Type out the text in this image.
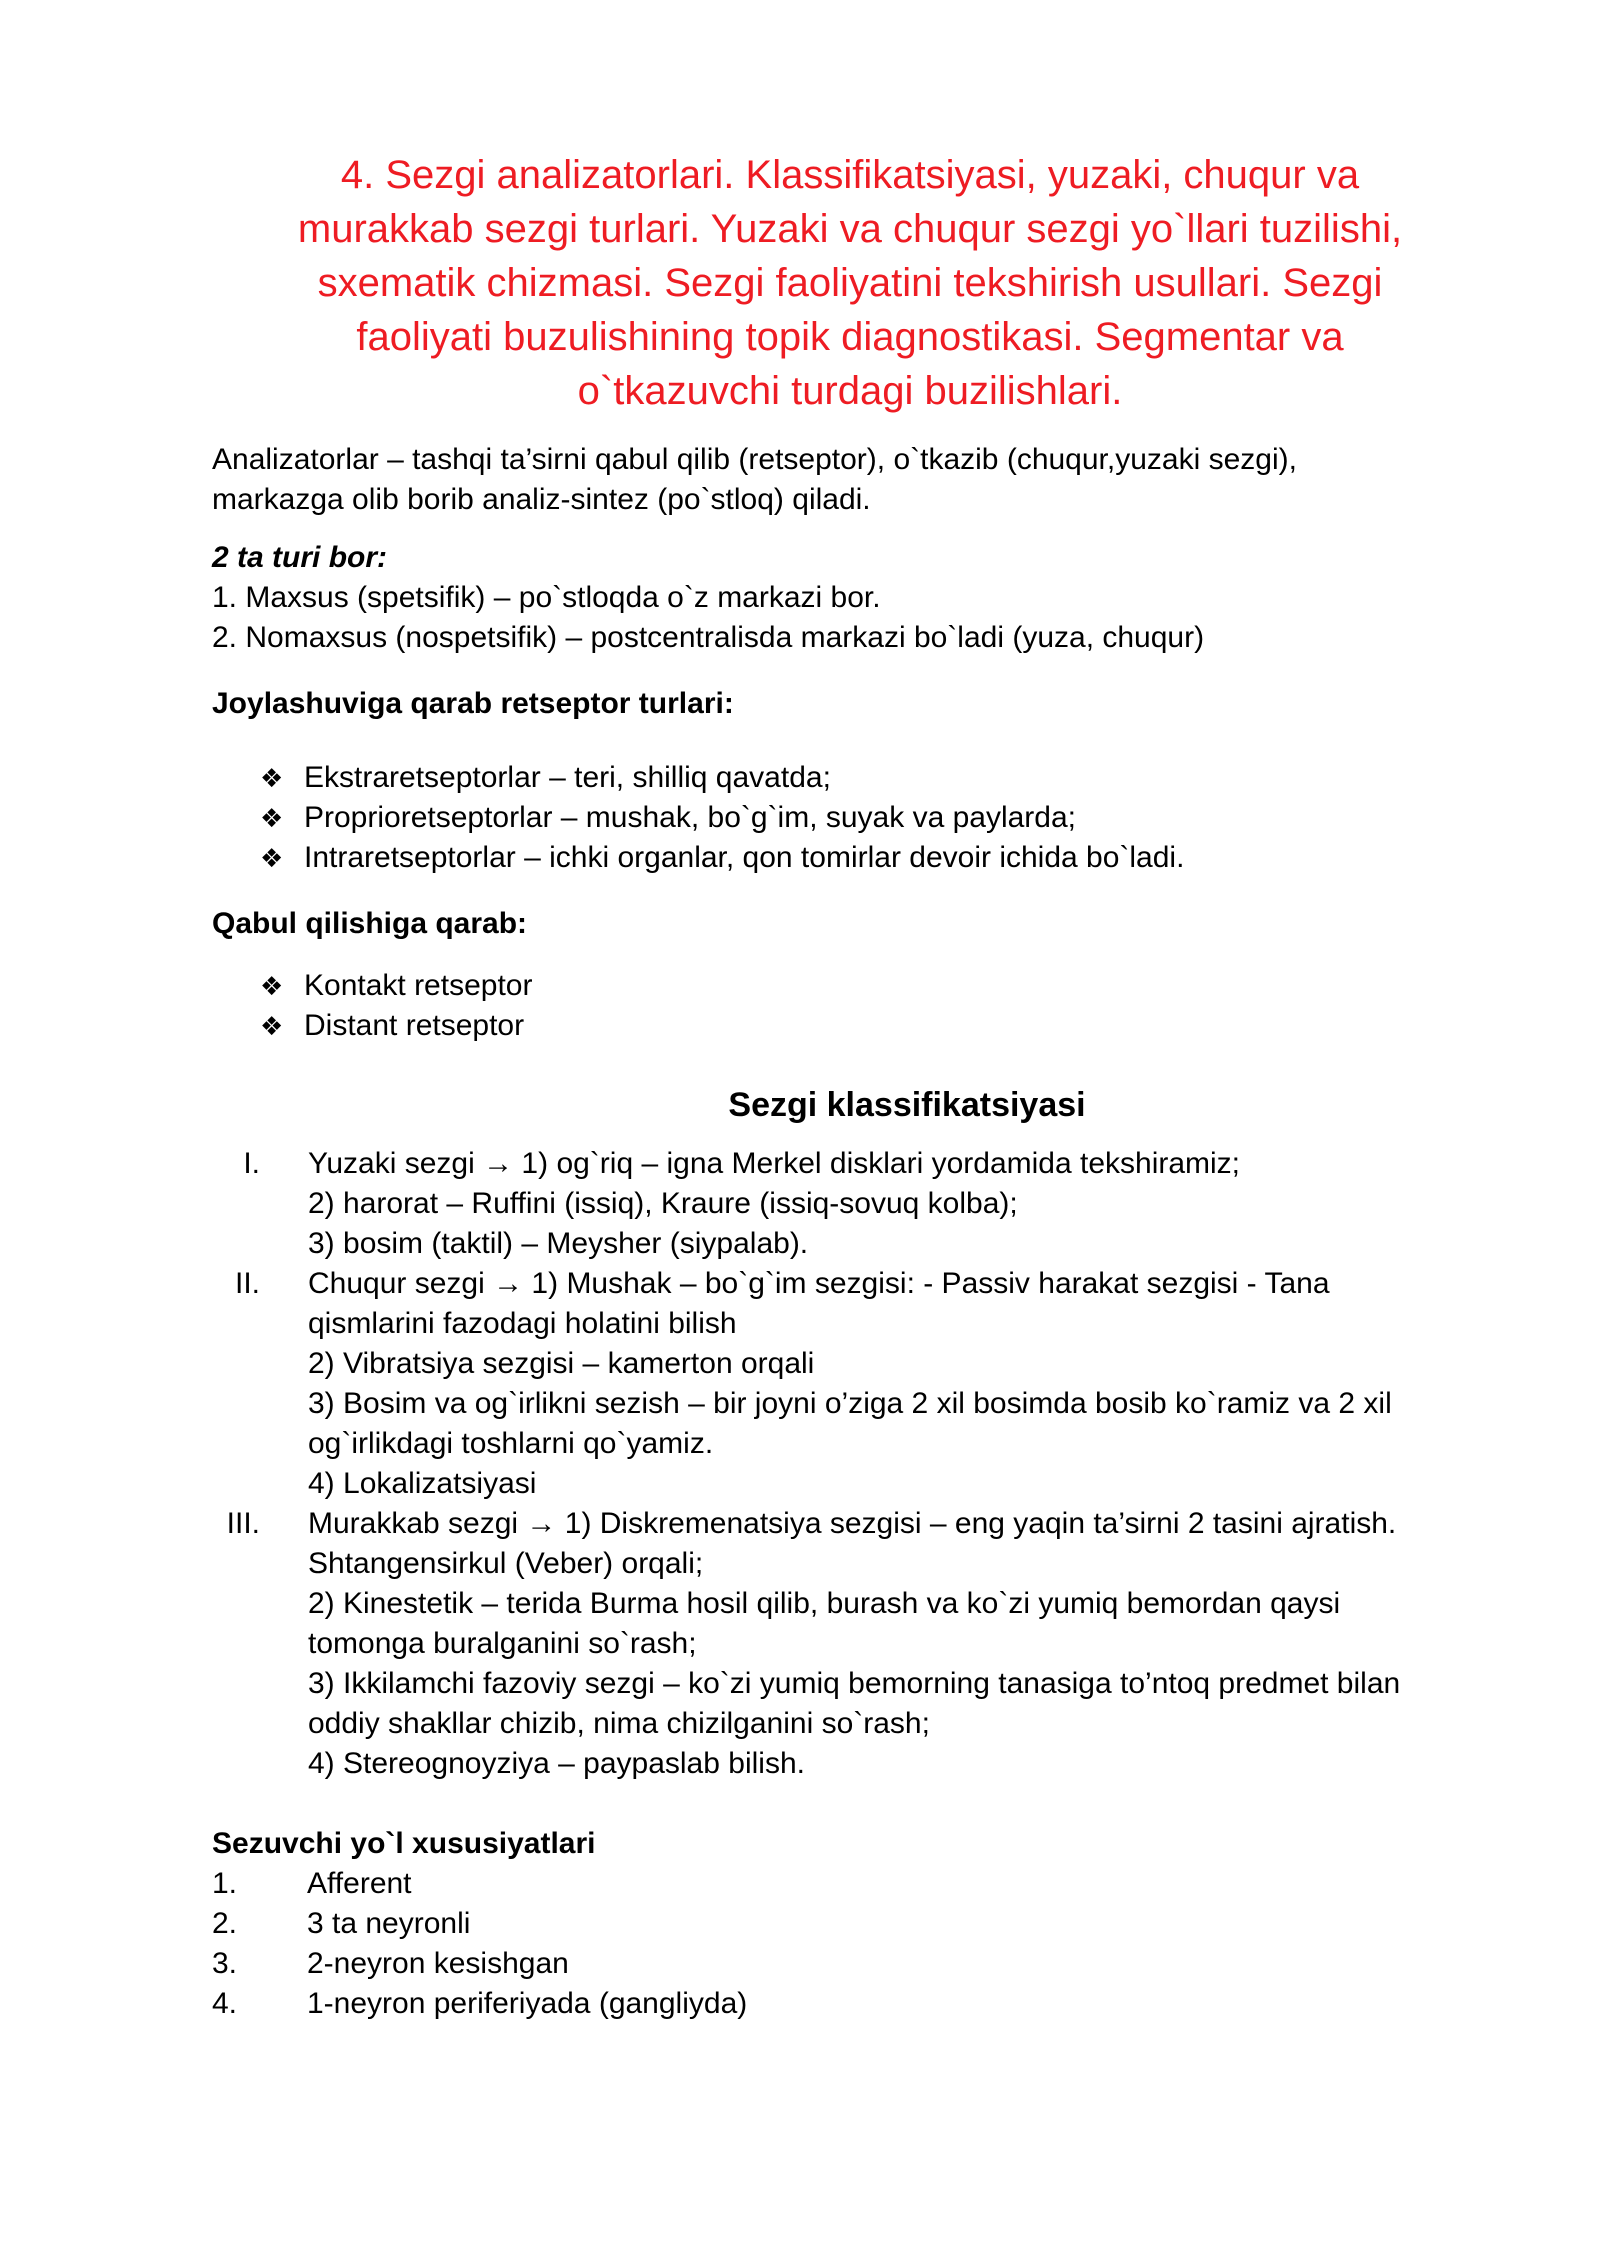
4. Sezgi analizatorlari. Klassifikatsiyasi, yuzaki, chuqur va
murakkab sezgi turlari. Yuzaki va chuqur sezgi yo`llari tuzilishi,
sxematik chizmasi. Sezgi faoliyatini tekshirish usullari. Sezgi
faoliyati buzulishining topik diagnostikasi. Segmentar va
o`tkazuvchi turdagi buzilishlari.

Analizatorlar – tashqi ta’sirni qabul qilib (retseptor), o`tkazib (chuqur,yuzaki sezgi),

markazga olib borib analiz-sintez (po`stloq) qiladi.

2 ta turi bor:

1. Maxsus (spetsifik) – po`stloqda o`z markazi bor.

2. Nomaxsus (nospetsifik) – postcentralisda markazi bo`ladi (yuza, chuqur)

Joylashuviga qarab retseptor turlari:

❖ Ekstraretseptorlar – teri, shilliq qavatda;
❖ Proprioretseptorlar – mushak, bo`g`im, suyak va paylarda;
❖ Intraretseptorlar – ichki organlar, qon tomirlar devoir ichida bo`ladi.

Qabul qilishiga qarab:

❖ Kontakt retseptor
❖ Distant retseptor

Sezgi klassifikatsiyasi

I. Yuzaki sezgi → 1) og`riq – igna Merkel disklari yordamida tekshiramiz;
2) harorat – Ruffini (issiq), Kraure (issiq-sovuq kolba);
3) bosim (taktil) – Meysher (siypalab).
II. Chuqur sezgi → 1) Mushak – bo`g`im sezgisi: - Passiv harakat sezgisi - Tana
qismlarini fazodagi holatini bilish
2) Vibratsiya sezgisi – kamerton orqali
3) Bosim va og`irlikni sezish – bir joyni o’ziga 2 xil bosimda bosib ko`ramiz va 2 xil
og`irlikdagi toshlarni qo`yamiz.
4) Lokalizatsiyasi
III. Murakkab sezgi → 1) Diskremenatsiya sezgisi – eng yaqin ta’sirni 2 tasini ajratish.
Shtangensirkul (Veber) orqali;
2) Kinestetik – terida Burma hosil qilib, burash va ko`zi yumiq bemordan qaysi
tomonga buralganini so`rash;
3) Ikkilamchi fazoviy sezgi – ko`zi yumiq bemorning tanasiga to’ntoq predmet bilan
oddiy shakllar chizib, nima chizilganini so`rash;
4) Stereognoyziya – paypaslab bilish.

Sezuvchi yo`l xususiyatlari

1.	Afferent
2.	3 ta neyronli
3.	2-neyron kesishgan
4.	1-neyron periferiyada (gangliyda)
